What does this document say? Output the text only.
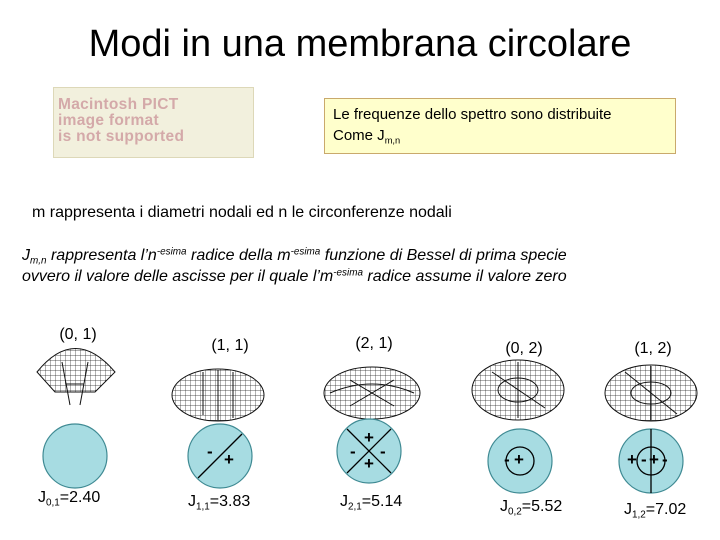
Modi in una membrana circolare
Macintosh PICT
image format
is not supported
Le frequenze dello spettro sono distribuite
Come $J_{m,n}$
m rappresenta i diametri nodali ed n le circonferenze nodali
$J_{m,n}$ rappresenta $l’n^{-esima}$ radice della $m^{-esima}$ funzione di Bessel di prima specie
ovvero il valore delle ascisse per il quale $l’m^{-esima}$ radice assume il valore zero
(0, 1)
(1, 1)	(2, 1)	(0, 2)	(1, 2)
- +
+
-
+
-	- +	+ - + -
$J_{0,1}=2.40$	$J_{1,1}=3.83$	$J_{2,1}=5.14$	$J_{0,2}=5.52$	$J_{1,2}=7.02$
